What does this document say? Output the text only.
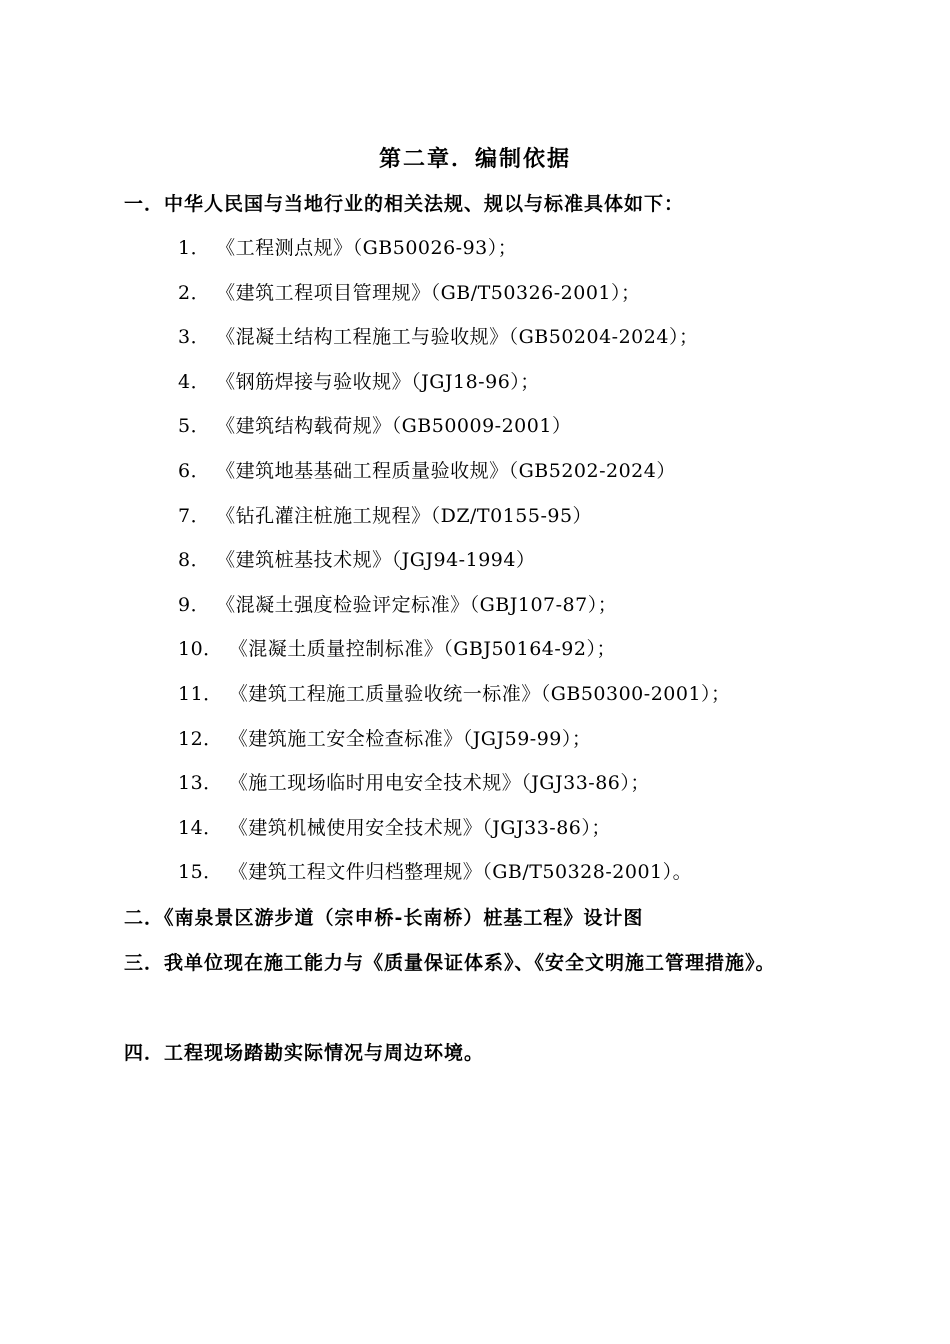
第二章．编制依据
一．中华人民国与当地行业的相关法规、规以与标准具体如下：
1． 《工程测点规》（GB50026-93）；
2． 《建筑工程项目管理规》（GB/T50326-2001）；
3． 《混凝土结构工程施工与验收规》（GB50204-2024）；
4． 《钢筋焊接与验收规》（JGJ18-96）；
5． 《建筑结构载荷规》（GB50009-2001）
6． 《建筑地基基础工程质量验收规》（GB5202-2024）
7． 《钻孔灌注桩施工规程》（DZ/T0155-95）
8． 《建筑桩基技术规》（JGJ94-1994）
9． 《混凝土强度检验评定标准》（GBJ107-87）；
10． 《混凝土质量控制标准》（GBJ50164-92）；
11． 《建筑工程施工质量验收统一标准》（GB50300-2001）；
12． 《建筑施工安全检查标准》（JGJ59-99）；
13． 《施工现场临时用电安全技术规》（JGJ33-86）；
14． 《建筑机械使用安全技术规》（JGJ33-86）；
15． 《建筑工程文件归档整理规》（GB/T50328-2001）。
二．《南泉景区游步道（宗申桥-长南桥）桩基工程》设计图
三．我单位现在施工能力与《质量保证体系》、《安全文明施工管理措施》。
四．工程现场踏勘实际情况与周边环境。
